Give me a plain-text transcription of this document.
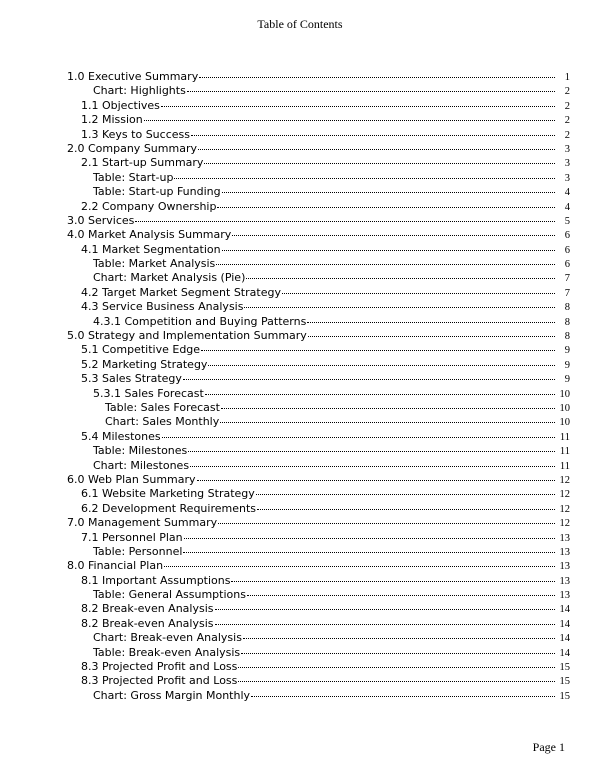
Table of Contents
1.0 Executive Summary	1
Chart: Highlights	2
1.1 Objectives	2
1.2 Mission	2
1.3 Keys to Success	2
2.0 Company Summary	3
2.1 Start-up Summary	3
Table: Start-up	3
Table: Start-up Funding	4
2.2 Company Ownership	4
3.0 Services	5
4.0 Market Analysis Summary	6
4.1 Market Segmentation	6
Table: Market Analysis	6
Chart: Market Analysis (Pie)	7
4.2 Target Market Segment Strategy	7
4.3 Service Business Analysis	8
4.3.1 Competition and Buying Patterns	8
5.0 Strategy and Implementation Summary	8
5.1 Competitive Edge	9
5.2 Marketing Strategy	9
5.3 Sales Strategy	9
5.3.1 Sales Forecast	10
Table: Sales Forecast	10
Chart: Sales Monthly	10
5.4 Milestones	11
Table: Milestones	11
Chart: Milestones	11
6.0 Web Plan Summary	12
6.1 Website Marketing Strategy	12
6.2 Development Requirements	12
7.0 Management Summary	12
7.1 Personnel Plan	13
Table: Personnel	13
8.0 Financial Plan	13
8.1 Important Assumptions	13
Table: General Assumptions	13
8.2 Break-even Analysis	14
8.2 Break-even Analysis	14
Chart: Break-even Analysis	14
Table: Break-even Analysis	14
8.3 Projected Profit and Loss	15
8.3 Projected Profit and Loss	15
Chart: Gross Margin Monthly	15
Page 1
